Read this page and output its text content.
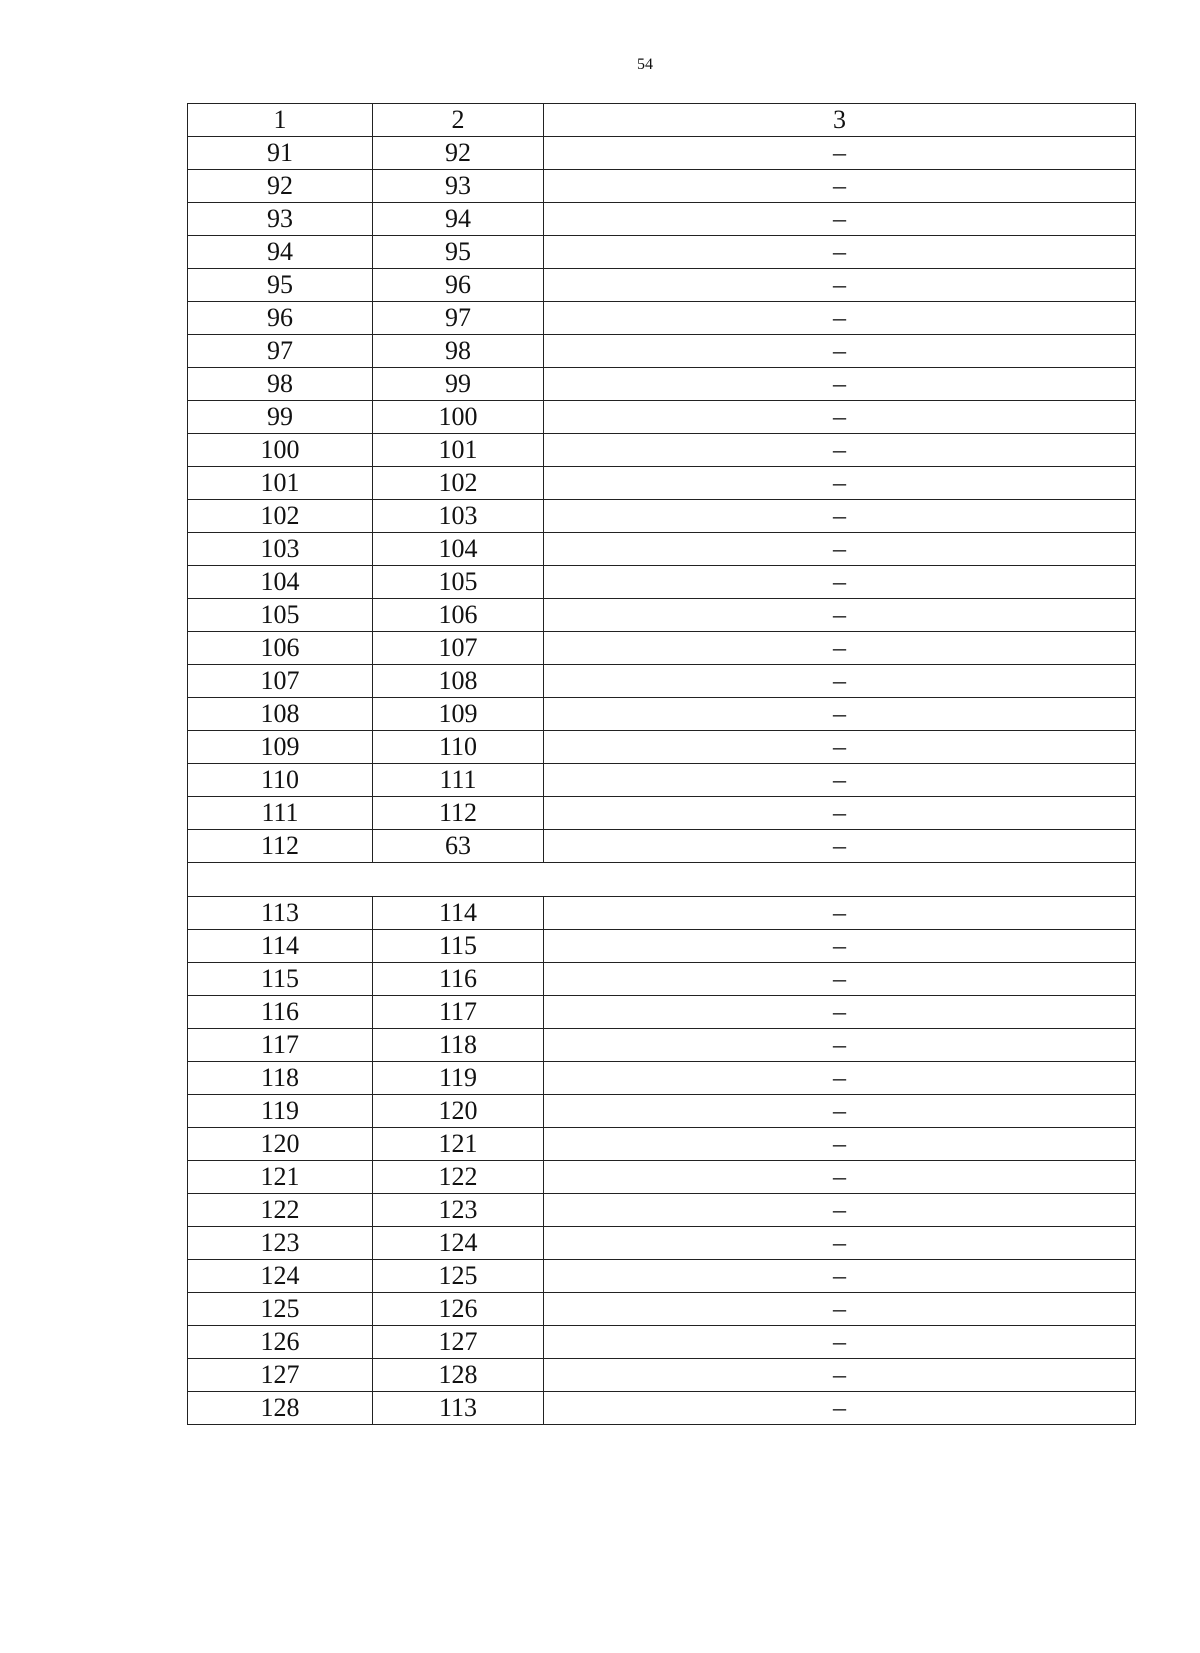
54
1	2	3
91	92	–
92	93	–
93	94	–
94	95	–
95	96	–
96	97	–
97	98	–
98	99	–
99	100	–
100	101	–
101	102	–
102	103	–
103	104	–
104	105	–
105	106	–
106	107	–
107	108	–
108	109	–
109	110	–
110	111	–
111	112	–
112	63	–

113	114	–
114	115	–
115	116	–
116	117	–
117	118	–
118	119	–
119	120	–
120	121	–
121	122	–
122	123	–
123	124	–
124	125	–
125	126	–
126	127	–
127	128	–
128	113	–
